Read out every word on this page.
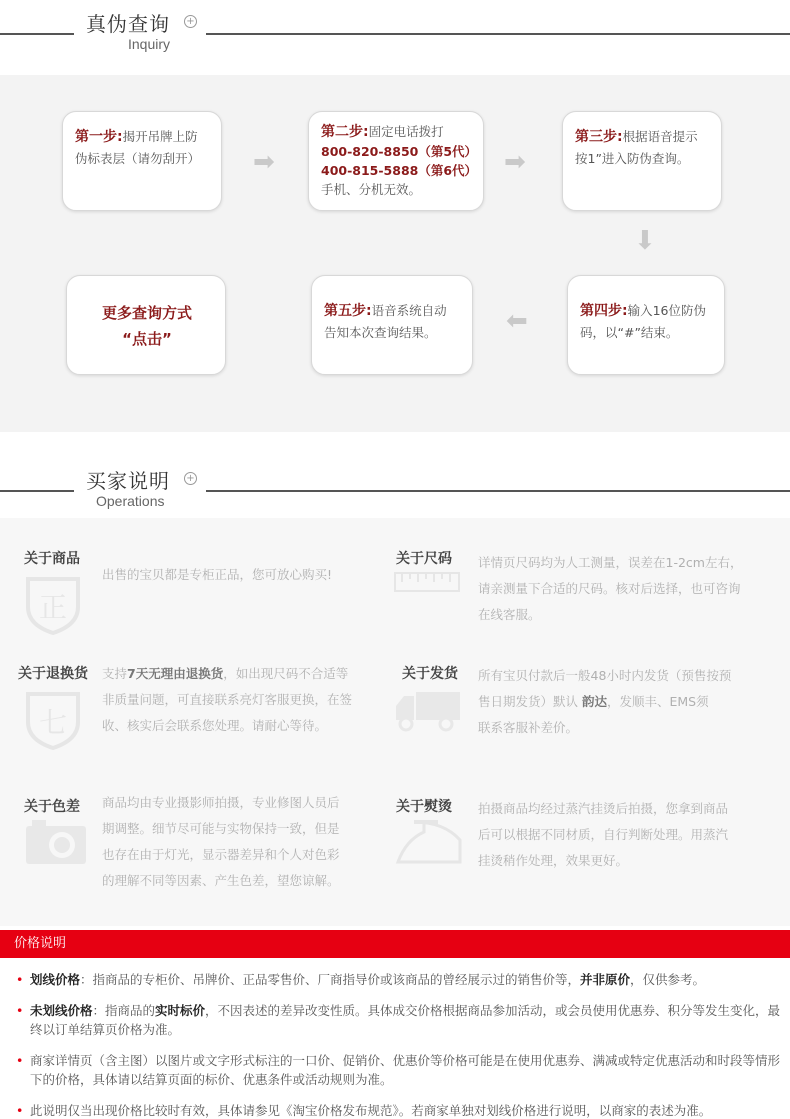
真伪查询 +
Inquiry
第一步:揭开吊牌上防
伪标表层（请勿刮开）	➡
第二步:固定电话拨打
800-820-8850（第5代）
400-815-5888（第6代）
手机、分机无效。
➡
第三步:根据语音提示
按1”进入防伪查询。
⬇
第四步:输入16位防伪
码，以“#”结束。
⬅
第五步:语音系统自动
告知本次查询结果。
更多查询方式
“点击”
买家说明 +
Operations
关于商品
正
出售的宝贝都是专柜正品，您可放心购买!
关于尺码 详情页尺码均为人工测量，误差在1-2cm左右，
请亲测量下合适的尺码。核对后选择，也可咨询
在线客服。
关于退换货
七
支持7天无理由退换货，如出现尺码不合适等
非质量问题，可直接联系亮灯客服更换，在签
收、核实后会联系您处理。请耐心等待。
关于发货 所有宝贝付款后一般48小时内发货（预售按预
售日期发货）默认 韵达，发顺丰、EMS须
联系客服补差价。
关于色差 商品均由专业摄影师拍摄，专业修图人员后
期调整。细节尽可能与实物保持一致，但是
也存在由于灯光，显示器差异和个人对色彩
的理解不同等因素、产生色差，望您谅解。
关于熨烫 拍摄商品均经过蒸汽挂烫后拍摄，您拿到商品
后可以根据不同材质，自行判断处理。用蒸汽
挂烫稍作处理，效果更好。
价格说明
• 划线价格：指商品的专柜价、吊牌价、正品零售价、厂商指导价或该商品的曾经展示过的销售价等，并非原价，仅供参考。
• 未划线价格：指商品的实时标价，不因表述的差异改变性质。具体成交价格根据商品参加活动，或会员使用优惠券、积分等发生变化，最终以订单结算页价格为准。
• 商家详情页（含主图）以图片或文字形式标注的一口价、促销价、优惠价等价格可能是在使用优惠券、满减或特定优惠活动和时段等情形下的价格，具体请以结算页面的标价、优惠条件或活动规则为准。
• 此说明仅当出现价格比较时有效，具体请参见《淘宝价格发布规范》。若商家单独对划线价格进行说明，以商家的表述为准。
